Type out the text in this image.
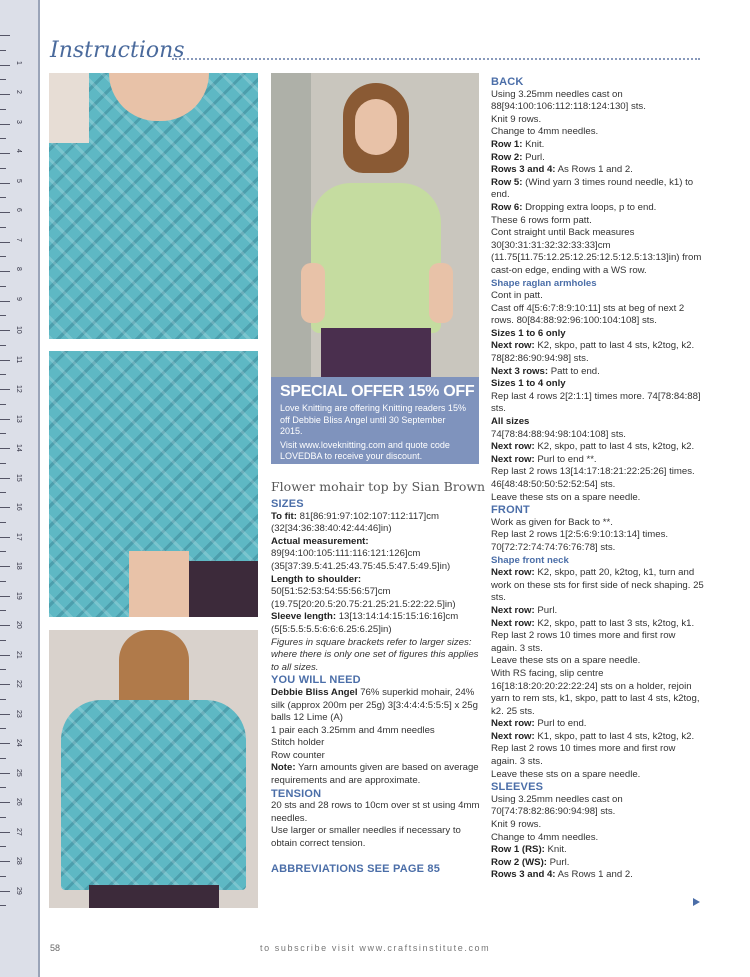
1
2
3
4
5
6
7
8
9
10
11
12
13
14
15
16
17
18
19
20
21
22
23
24
25
26
27
28
29
Instructions
SPECIAL OFFER 15% OFF
Love Knitting are offering Knitting readers 15% off Debbie Bliss Angel until 30 September 2015.
Visit www.loveknitting.com and quote code LOVEDBA to receive your discount.
Flower mohair top by Sian Brown

SIZES

To fit: 81[86:91:97:102:107:112:117]cm (32[34:36:38:40:42:44:46]in)

Actual measurement: 89[94:100:105:111:116:121:126]cm (35[37:39.5:41.25:43.75:45.5:47.5:49.5]in)

Length to shoulder: 50[51:52:53:54:55:56:57]cm (19.75[20:20.5:20.75:21.25:21.5:22:22.5]in)

Sleeve length: 13[13:14:14:15:15:16:16]cm (5[5:5.5:5.5:6:6:6.25:6.25]in)

Figures in square brackets refer to larger sizes: where there is only one set of figures this applies to all sizes.

YOU WILL NEED

Debbie Bliss Angel 76% superkid mohair, 24% silk (approx 200m per 25g) 3[3:4:4:4:5:5:5] x 25g balls 12 Lime (A)

1 pair each 3.25mm and 4mm needles

Stitch holder

Row counter

Note: Yarn amounts given are based on average requirements and are approximate.

TENSION

20 sts and 28 rows to 10cm over st st using 4mm needles.

Use larger or smaller needles if necessary to obtain correct tension.

ABBREVIATIONS SEE PAGE 85

BACK

Using 3.25mm needles cast on 88[94:100:106:112:118:124:130] sts.

Knit 9 rows.

Change to 4mm needles.

Row 1: Knit.

Row 2: Purl.

Rows 3 and 4: As Rows 1 and 2.

Row 5: (Wind yarn 3 times round needle, k1) to end.

Row 6: Dropping extra loops, p to end.

These 6 rows form patt.

Cont straight until Back measures 30[30:31:31:32:32:33:33]cm (11.75[11.75:12.25:12.25:12.5:12.5:13:13]in) from cast-on edge, ending with a WS row.

Shape raglan armholes

Cont in patt.

Cast off 4[5:6:7:8:9:10:11] sts at beg of next 2 rows. 80[84:88:92:96:100:104:108] sts.

Sizes 1 to 6 only

Next row: K2, skpo, patt to last 4 sts, k2tog, k2. 78[82:86:90:94:98] sts.

Next 3 rows: Patt to end.

Sizes 1 to 4 only

Rep last 4 rows 2[2:1:1] times more. 74[78:84:88] sts.

All sizes

74[78:84:88:94:98:104:108] sts.

Next row: K2, skpo, patt to last 4 sts, k2tog, k2.

Next row: Purl to end **.

Rep last 2 rows 13[14:17:18:21:22:25:26] times. 46[48:48:50:50:52:52:54] sts.

Leave these sts on a spare needle.

FRONT

Work as given for Back to **.

Rep last 2 rows 1[2:5:6:9:10:13:14] times. 70[72:72:74:74:76:76:78] sts.

Shape front neck

Next row: K2, skpo, patt 20, k2tog, k1, turn and work on these sts for first side of neck shaping. 25 sts.

Next row: Purl.

Next row: K2, skpo, patt to last 3 sts, k2tog, k1.

Rep last 2 rows 10 times more and first row again. 3 sts.

Leave these sts on a spare needle.

With RS facing, slip centre 16[18:18:20:20:22:22:24] sts on a holder, rejoin yarn to rem sts, k1, skpo, patt to last 4 sts, k2tog, k2. 25 sts.

Next row: Purl to end.

Next row: K1, skpo, patt to last 4 sts, k2tog, k2.

Rep last 2 rows 10 times more and first row again. 3 sts.

Leave these sts on a spare needle.

SLEEVES

Using 3.25mm needles cast on 70[74:78:82:86:90:94:98] sts.

Knit 9 rows.

Change to 4mm needles.

Row 1 (RS): Knit.

Row 2 (WS): Purl.

Rows 3 and 4: As Rows 1 and 2.

58	to subscribe visit www.craftsinstitute.com
